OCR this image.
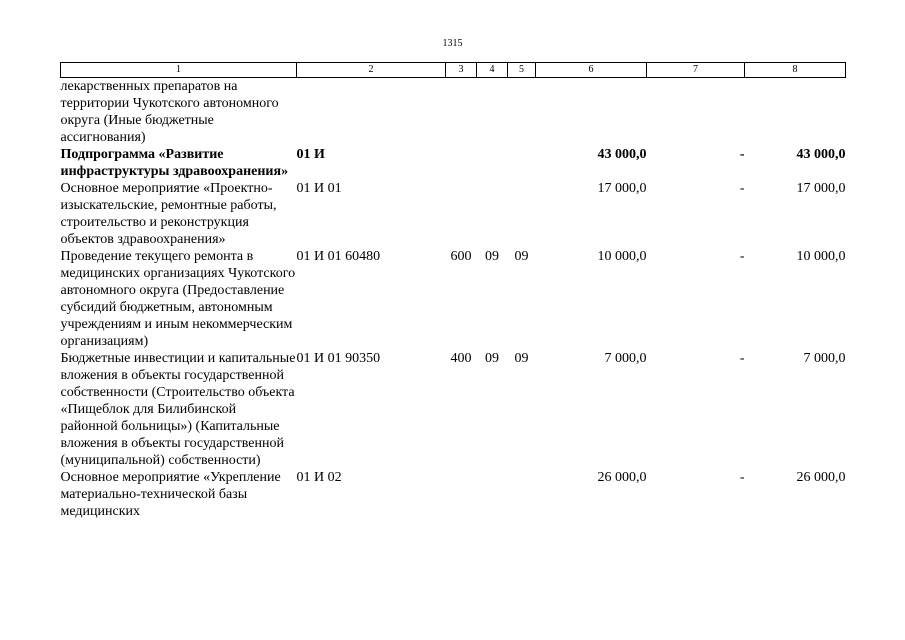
1315
1	2	3	4	5	6	7	8
лекарственных препаратов на территории Чукотского автономного округа (Иные бюджетные ассигнования)							
Подпрограмма «Развитие инфраструктуры здравоохранения»	01 И				43 000,0	-	43 000,0
Основное мероприятие «Проектно-изыскательские, ремонтные работы, строительство и реконструкция объектов здравоохранения»	01 И 01				17 000,0	-	17 000,0
Проведение текущего ремонта в медицинских организациях Чукотского автономного округа (Предоставление субсидий бюджетным, автономным учреждениям и иным некоммерческим организациям)	01 И 01 60480	600	09	09	10 000,0	-	10 000,0
Бюджетные инвестиции и капитальные вложения в объекты государственной собственности (Строительство объекта «Пищеблок для Билибинской районной больницы») (Капитальные вложения в объекты государственной (муниципальной) собственности)	01 И 01 90350	400	09	09	7 000,0	-	7 000,0
Основное мероприятие «Укрепление материально-технической базы медицинских	01 И 02				26 000,0	-	26 000,0
